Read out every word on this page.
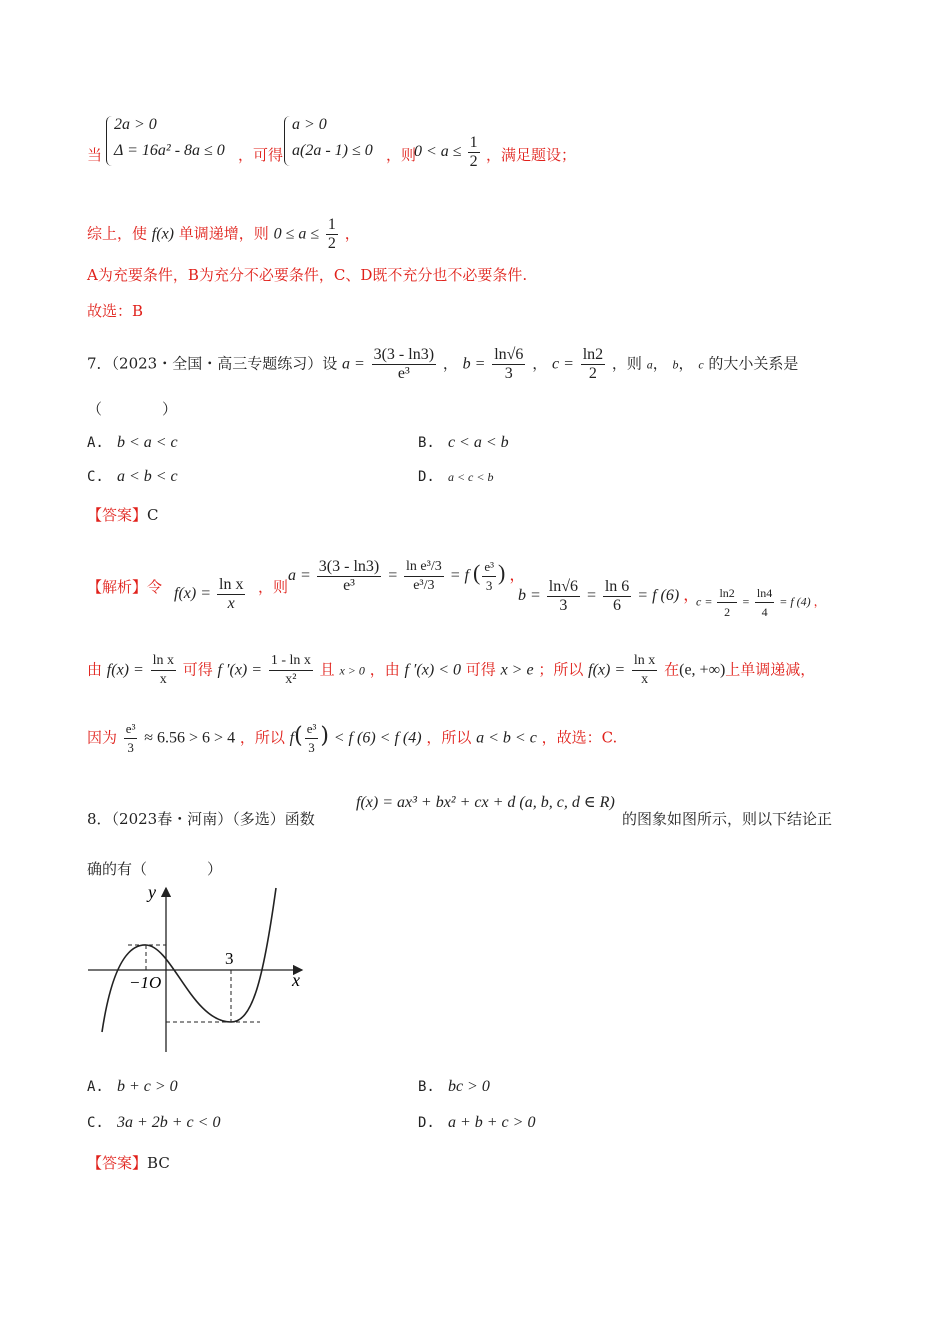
当
2a > 0
Δ = 16a² - 8a ≤ 0 ，可得
a > 0
a(2a - 1) ≤ 0 ，则
$0 < a \le \frac{1}{2}$ ，满足题设；
综上，使 f(x) 单调递增，则 $0 \le a \le \frac{1}{2}$ ，
A为充要条件，B为充分不必要条件，C、D既不充分也不必要条件.
故选：B
7．（2023・全国・高三专题练习）设 $a = \frac{3(3 - \ln 3)}{\text{e³}}$ ， $b = \frac{\ln√6}{3}$ ， $c = \frac{\ln 2}{2}$ ，则 a， b， c 的大小关系是
（　　　　）
A. b < a < c	B. c < a < b
C. a < b < c	D. a < c < b
【答案】C
【解析】令 $f(x) = \frac{\text{ln x}}{x}$ ，则
$a = \frac{3(3 - \ln 3)}{\text{e³}} = \frac{\text{ln e³/3}}{\text{e³/3}} = f$ ( $\frac{\text{e³}}{3}$ ) ，
$b = \frac{\ln√6}{3} = \frac{\ln 6}{6} = f$ (6) ，
$c = \frac{\ln 2}{2} = \frac{\ln 4}{4} = f$ (4) ，
由 $f(x) = \frac{\text{ln x}}{x}$ 可得 f $'(x) = \frac{\text{1 - ln x}}{\text{x²}}$ 且 x > 0 ，由 f ′(x) < 0 可得 x > e ；所以 $f(x) = \frac{\text{ln x}}{x}$ 在(e, +∞)上单调递减，
因为 $\frac{\text{e³}}{3} \approx 6.56 > 6 > 4$ ，所以 $f( \frac{\text{e³}}{3}$ ) < f (6) < f (4) ，所以 a < b < c ，故选：C.
8．（2023春・河南）（多选）函数
f(x) = ax³ + bx² + cx + d (a, b, c, d ∈ R)
的图象如图所示，则以下结论正
确的有（　　　　）
y
x
−1O
3
A. b + c > 0	B. bc > 0
C. 3a + 2b + c < 0	D. a + b + c > 0
【答案】BC
